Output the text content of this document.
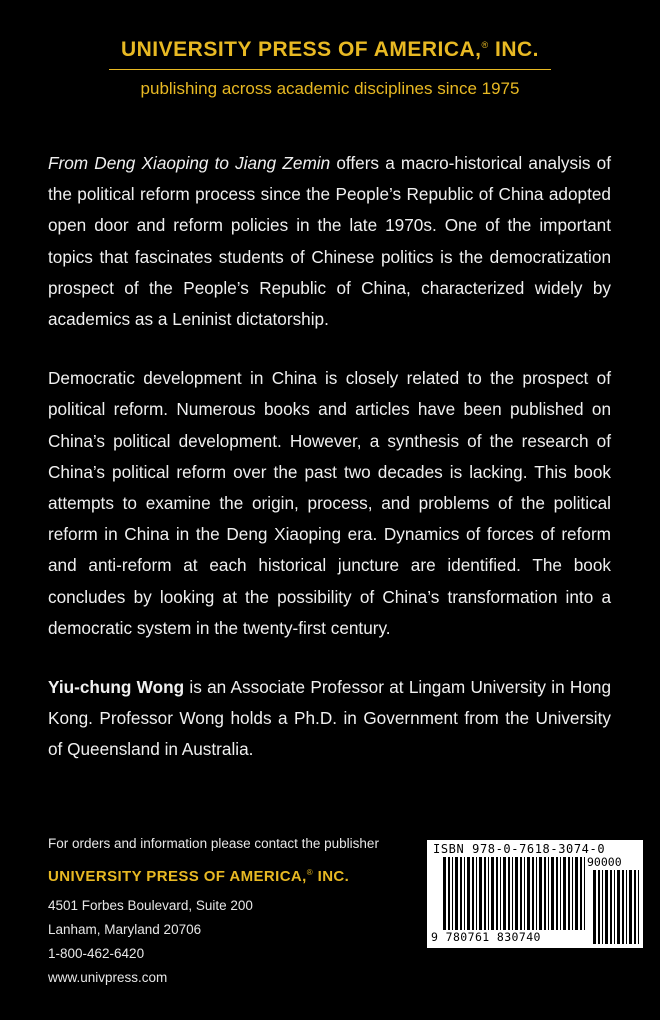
UNIVERSITY PRESS OF AMERICA,® INC.
publishing across academic disciplines since 1975

From Deng Xiaoping to Jiang Zemin offers a macro-historical analysis of the political reform process since the People’s Republic of China adopted open door and reform policies in the late 1970s. One of the important topics that fascinates students of Chinese politics is the democratization prospect of the People’s Republic of China, characterized widely by academics as a Leninist dictatorship.

Democratic development in China is closely related to the prospect of political reform. Numerous books and articles have been published on China’s political development. However, a synthesis of the research of China’s political reform over the past two decades is lacking. This book attempts to examine the origin, process, and problems of the political reform in China in the Deng Xiaoping era. Dynamics of forces of reform and anti-reform at each historical juncture are identified. The book concludes by looking at the possibility of China’s transformation into a democratic system in the twenty-first century.

Yiu-chung Wong is an Associate Professor at Lingam University in Hong Kong. Professor Wong holds a Ph.D. in Government from the University of Queensland in Australia.

For orders and information please contact the publisher
UNIVERSITY PRESS OF AMERICA,® INC.
4501 Forbes Boulevard, Suite 200
Lanham, Maryland 20706
1-800-462-6420
www.univpress.com
ISBN 978-0-7618-3074-0
90000
9 780761 830740
